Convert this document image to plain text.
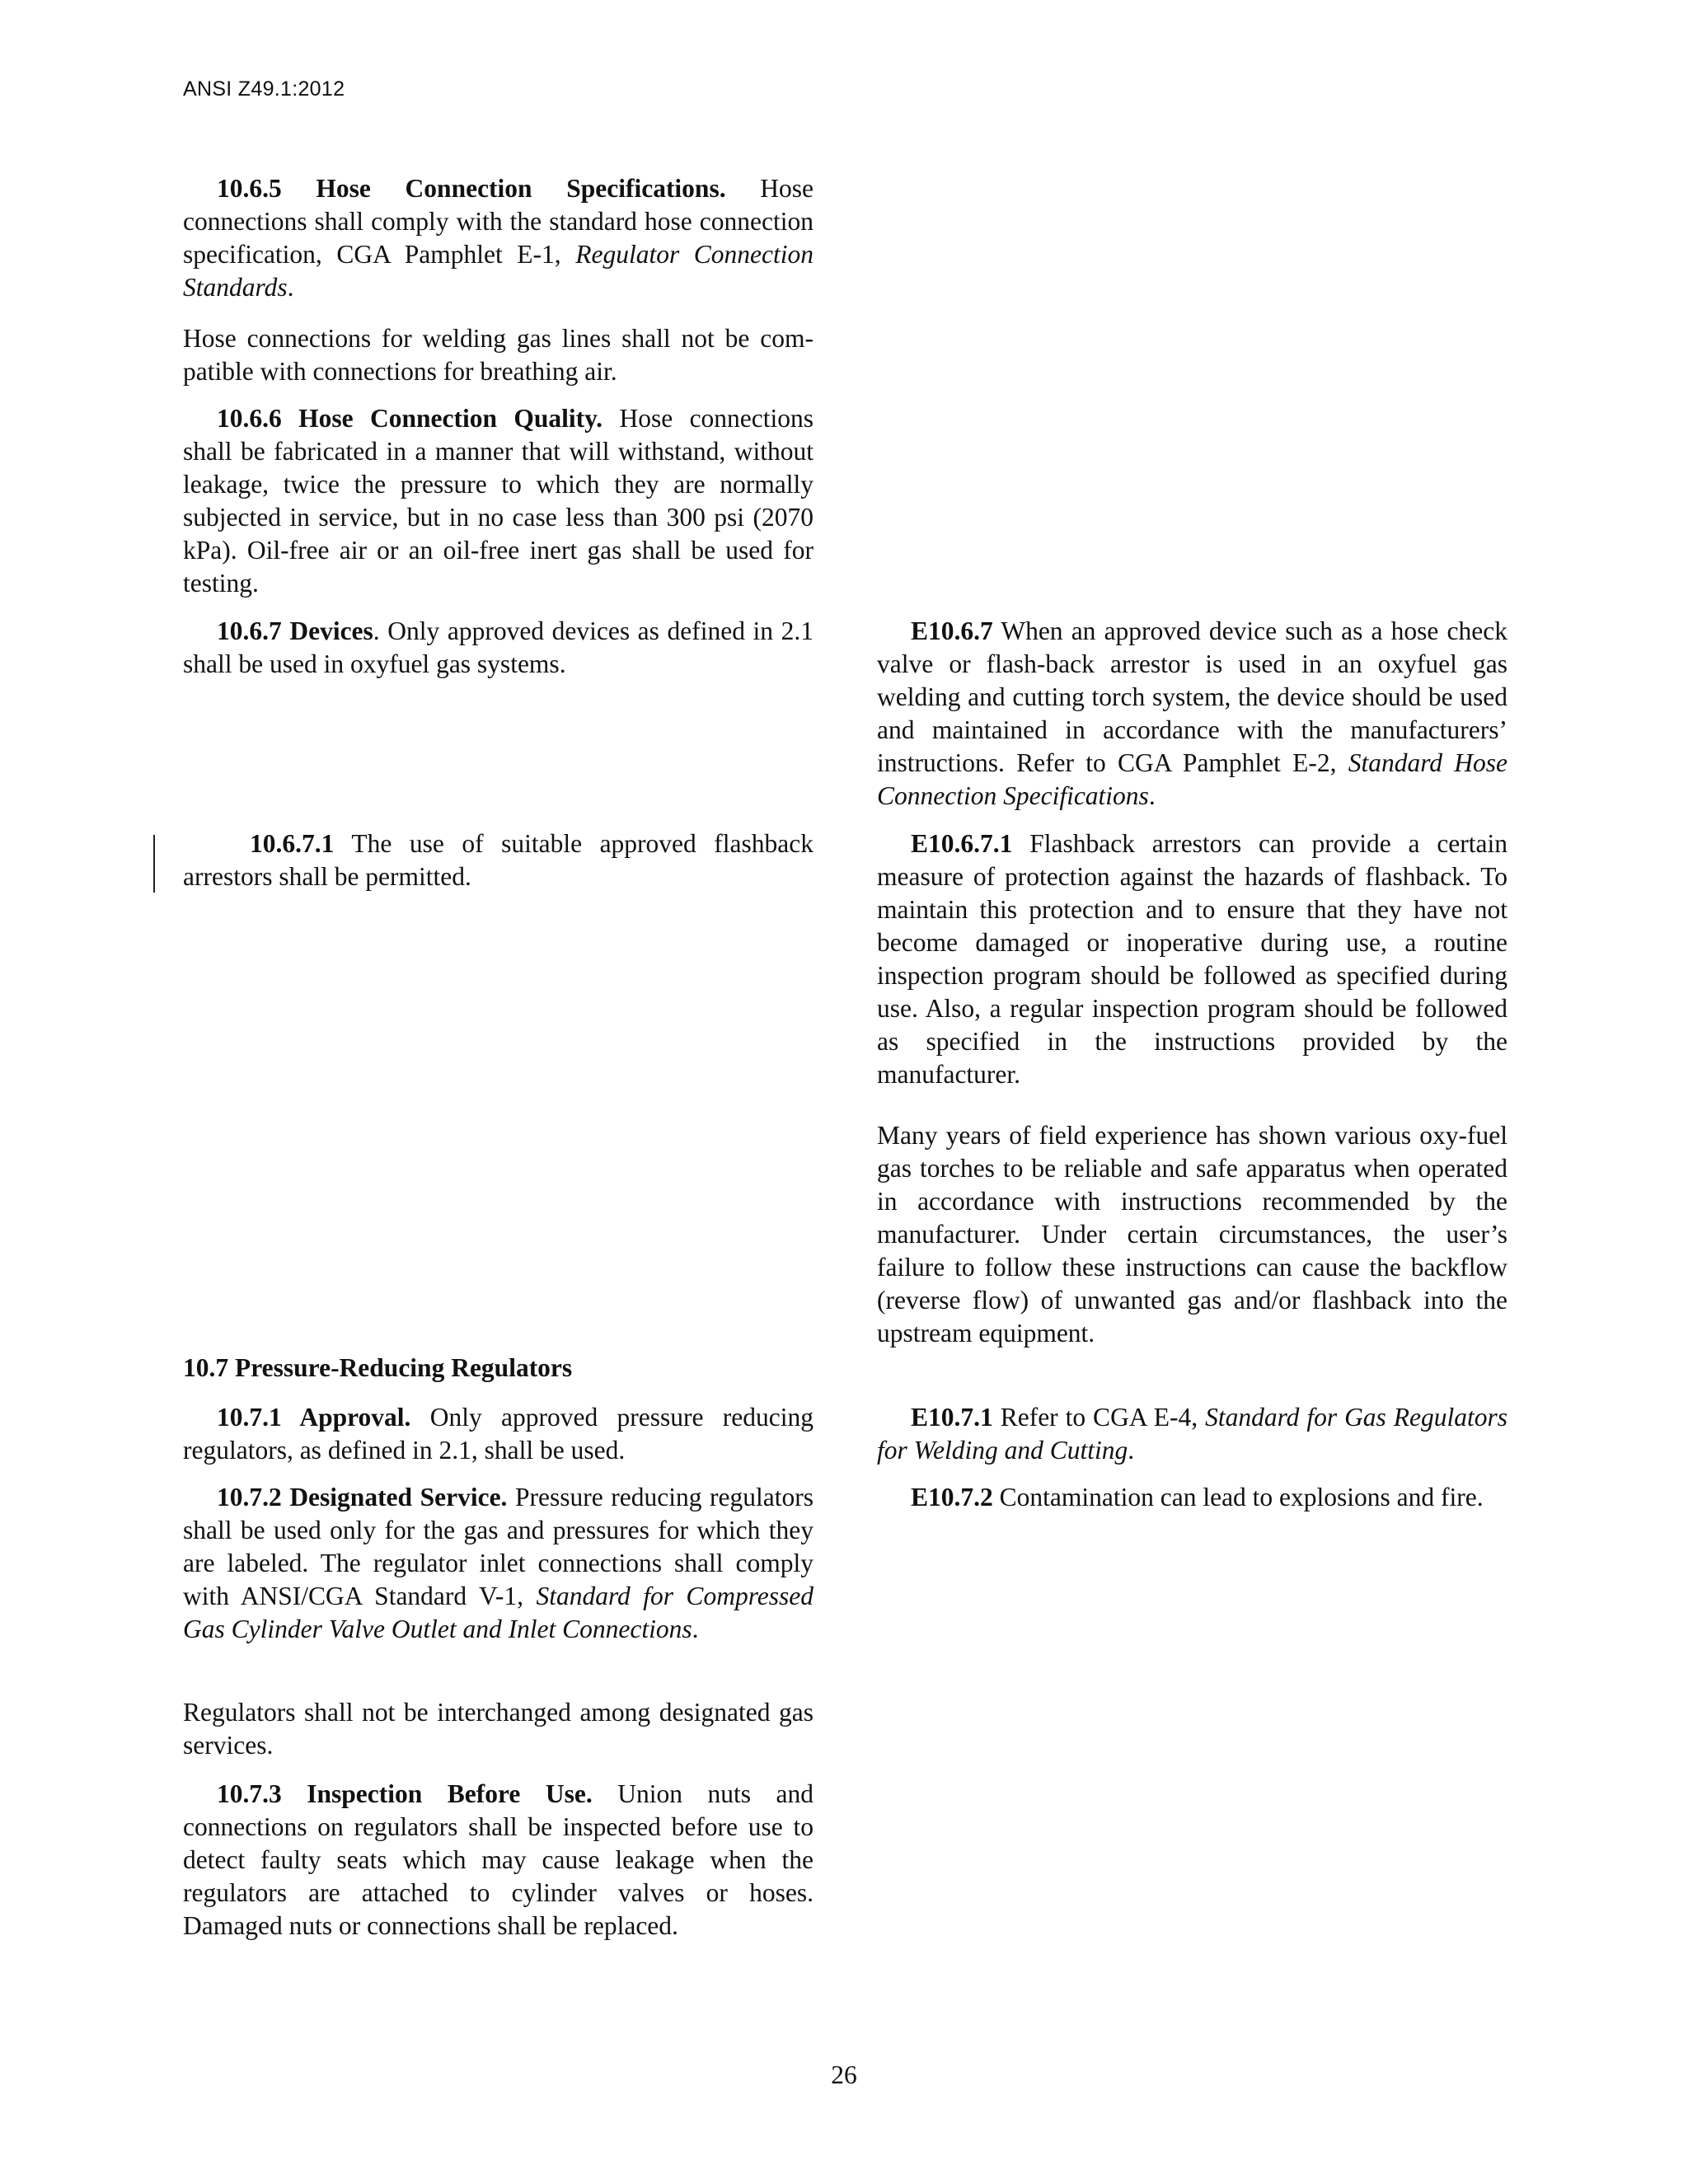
ANSI Z49.1:2012

10.6.5 Hose Connection Specifications. Hose connections shall comply with the standard hose connection specification, CGA Pamphlet E-1, Regulator Connection Standards.

Hose connections for welding gas lines shall not be com-patible with connections for breathing air.

10.6.6 Hose Connection Quality. Hose connections shall be fabricated in a manner that will withstand, without leakage, twice the pressure to which they are normally subjected in service, but in no case less than 300 psi (2070 kPa). Oil-free air or an oil-free inert gas shall be used for testing.

10.6.7 Devices. Only approved devices as defined in 2.1 shall be used in oxyfuel gas systems.

10.6.7.1 The use of suitable approved flashback arrestors shall be permitted.

10.7 Pressure-Reducing Regulators

10.7.1 Approval. Only approved pressure reducing regulators, as defined in 2.1, shall be used.

10.7.2 Designated Service. Pressure reducing regulators shall be used only for the gas and pressures for which they are labeled. The regulator inlet connections shall comply with ANSI/CGA Standard V-1, Standard for Compressed Gas Cylinder Valve Outlet and Inlet Connections.

Regulators shall not be interchanged among designated gas services.

10.7.3 Inspection Before Use. Union nuts and connections on regulators shall be inspected before use to detect faulty seats which may cause leakage when the regulators are attached to cylinder valves or hoses. Damaged nuts or connections shall be replaced.

E10.6.7 When an approved device such as a hose check valve or flash-back arrestor is used in an oxyfuel gas welding and cutting torch system, the device should be used and maintained in accordance with the manufacturers’ instructions. Refer to CGA Pamphlet E-2, Standard Hose Connection Specifications.

E10.6.7.1 Flashback arrestors can provide a certain measure of protection against the hazards of flashback. To maintain this protection and to ensure that they have not become damaged or inoperative during use, a routine inspection program should be followed as specified during use. Also, a regular inspection program should be followed as specified in the instructions provided by the manufacturer.

Many years of field experience has shown various oxy-fuel gas torches to be reliable and safe apparatus when operated in accordance with instructions recommended by the manufacturer. Under certain circumstances, the user’s failure to follow these instructions can cause the backflow (reverse flow) of unwanted gas and/or flashback into the upstream equipment.

E10.7.1 Refer to CGA E-4, Standard for Gas Regulators for Welding and Cutting.

E10.7.2 Contamination can lead to explosions and fire.

26
